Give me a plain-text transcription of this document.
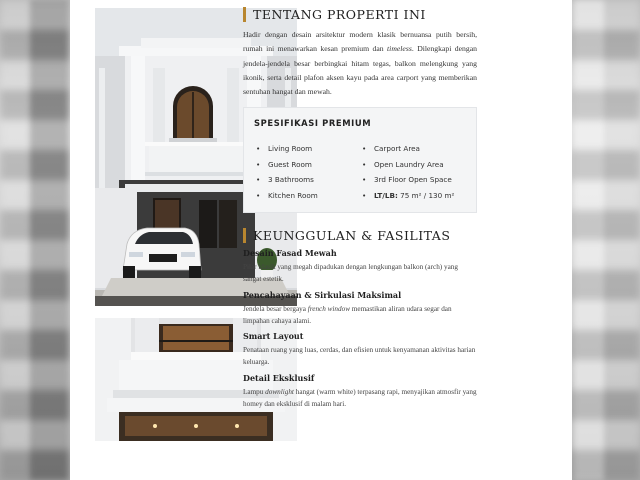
TENTANG PROPERTI INI

Hadir dengan desain arsitektur modern klasik bernuansa putih bersih, rumah ini menawarkan kesan premium dan timeless. Dilengkapi dengan jendela-jendela besar berbingkai hitam tegas, balkon melengkung yang ikonik, serta detail plafon aksen kayu pada area carport yang memberikan sentuhan hangat dan mewah.

SPESIFIKASI PREMIUM
• Living Room
• Guest Room
• 3 Bathrooms
• Kitchen Room
• Carport Area
• Open Laundry Area
• 3rd Floor Open Space
• LT/LB: 75 m² / 130 m²
KEUNGGULAN & FASILITAS
Desain Fasad Mewah

Pilar klasik yang megah dipadukan dengan lengkungan balkon (arch) yang sangat estetik.

Pencahayaan & Sirkulasi Maksimal

Jendela besar bergaya french window memastikan aliran udara segar dan limpahan cahaya alami.

Smart Layout

Penataan ruang yang luas, cerdas, dan efisien untuk kenyamanan aktivitas harian keluarga.

Detail Eksklusif

Lampu downlight hangat (warm white) terpasang rapi, menyajikan atmosfir yang homey dan eksklusif di malam hari.
